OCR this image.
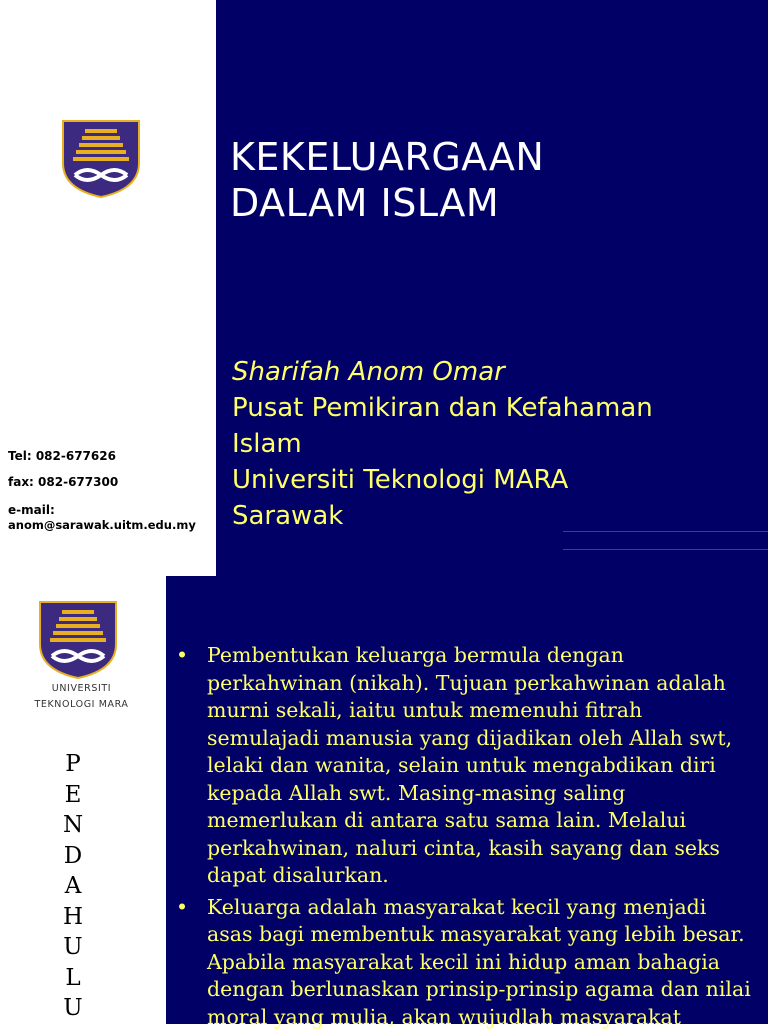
Tel: 082-677626
fax: 082-677300
e-mail:
anom@sarawak.uitm.edu.my
KEKELUARGAAN
DALAM ISLAM
Sharifah Anom Omar
Pusat Pemikiran dan Kefahaman
Islam
Universiti Teknologi MARA
Sarawak
UNIVERSITI
TEKNOLOGI MARA
P
E
N
D
A
H
U
L
U
• Pembentukan keluarga bermula dengan perkahwinan (nikah). Tujuan perkahwinan adalah murni sekali, iaitu untuk memenuhi fitrah semulajadi manusia yang dijadikan oleh Allah swt, lelaki dan wanita, selain untuk mengabdikan diri kepada Allah swt. Masing-masing saling memerlukan di antara satu sama lain. Melalui perkahwinan, naluri cinta, kasih sayang dan seks dapat disalurkan.
• Keluarga adalah masyarakat kecil yang menjadi asas bagi membentuk masyarakat yang lebih besar. Apabila masyarakat kecil ini hidup aman bahagia dengan berlunaskan prinsip-prinsip agama dan nilai moral yang mulia, akan wujudlah masyarakat
